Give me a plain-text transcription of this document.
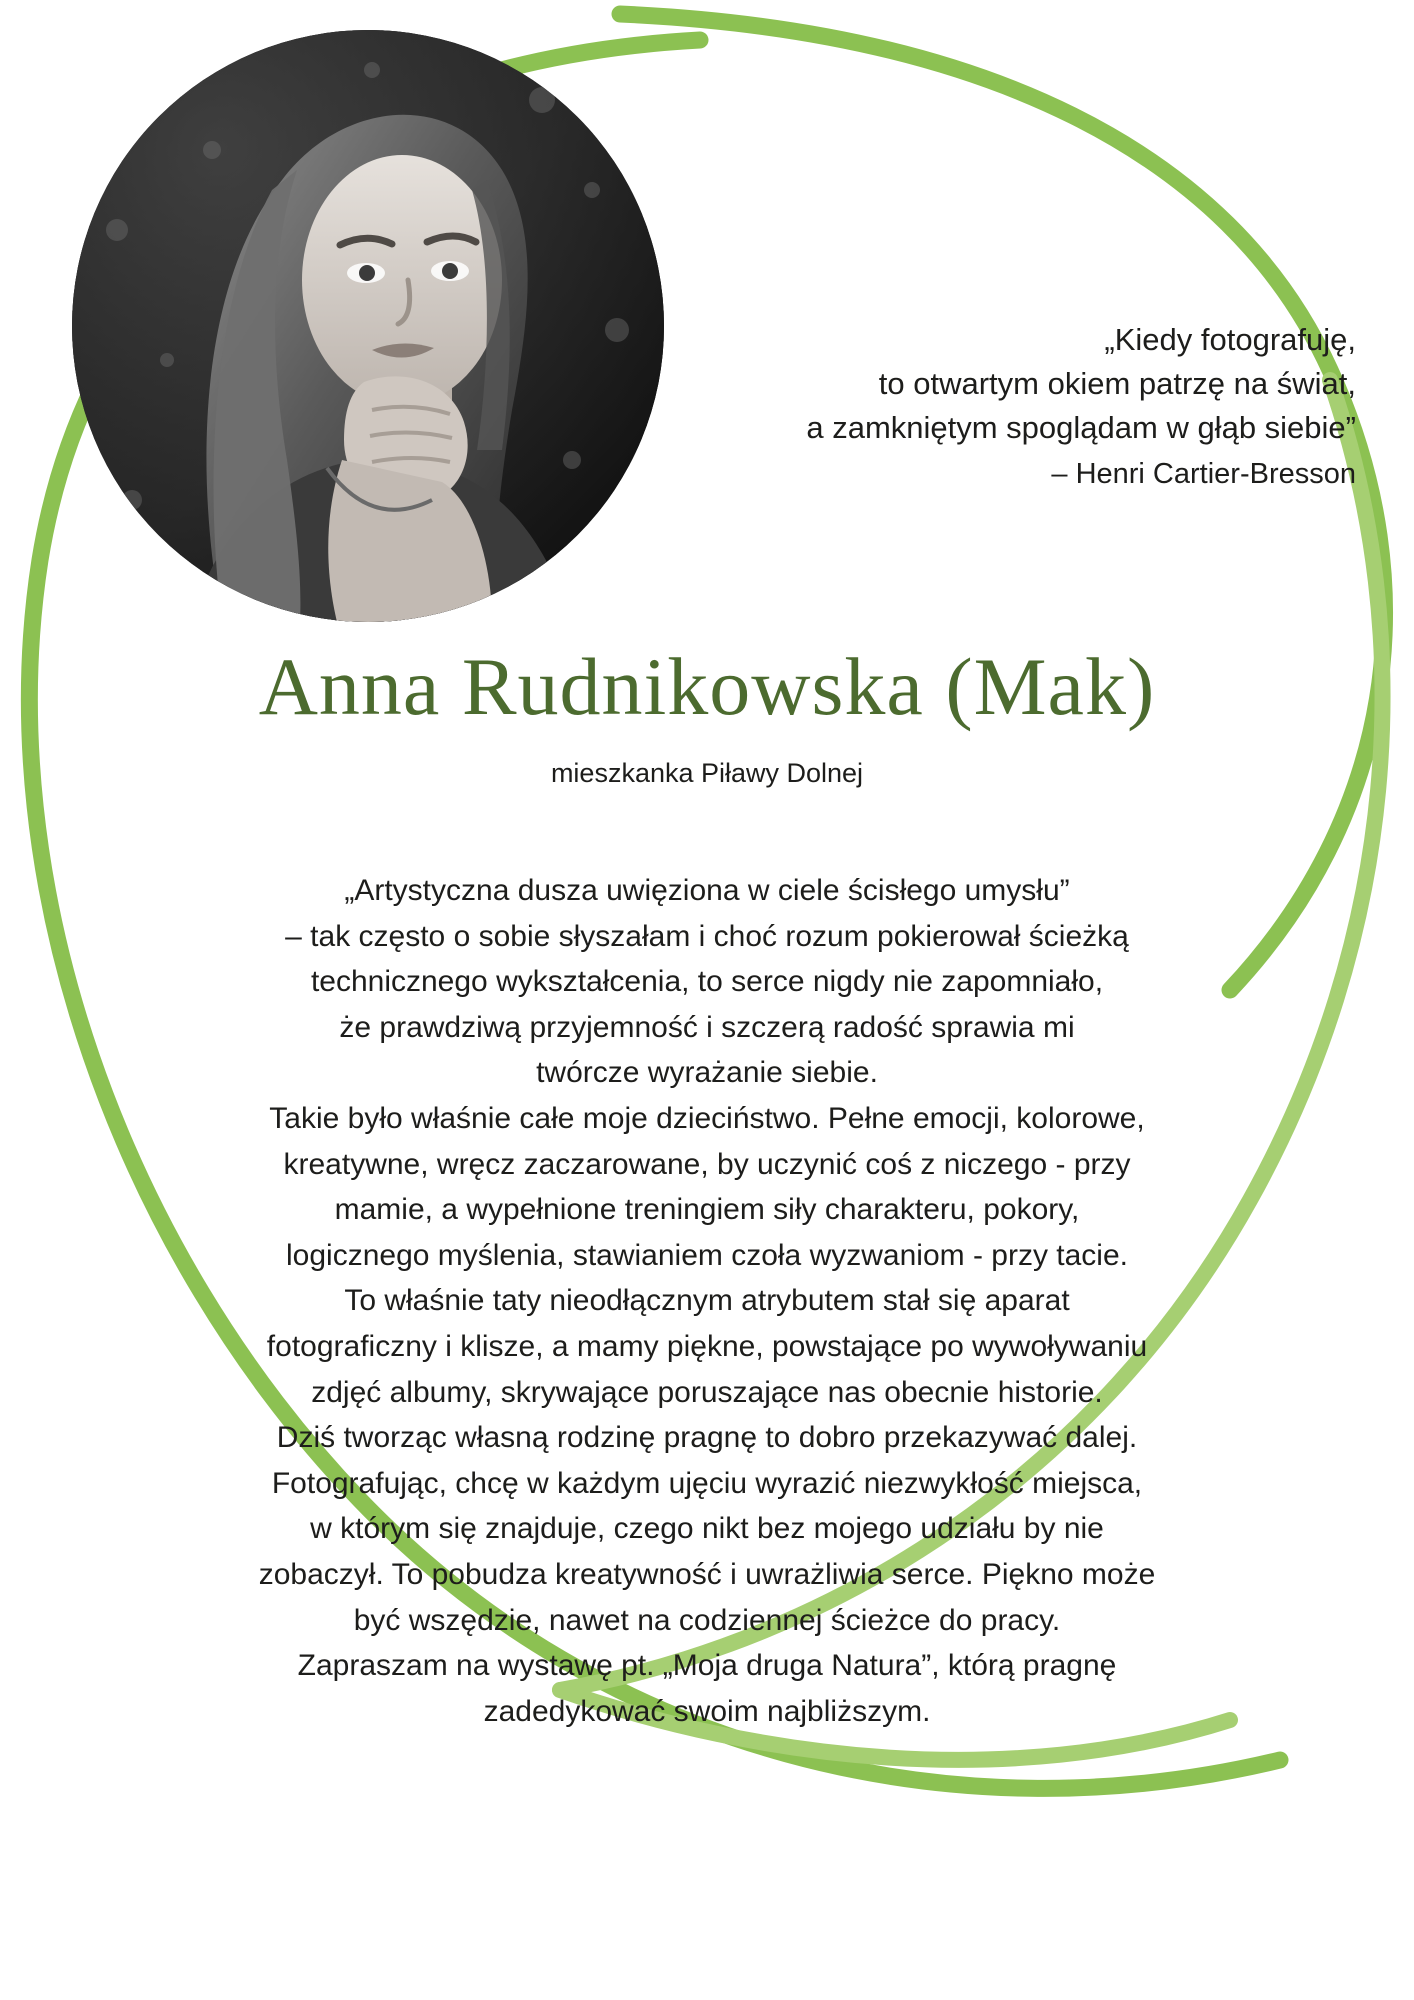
„Kiedy fotografuję,
to otwartym okiem patrzę na świat,
a zamkniętym spoglądam w głąb siebie”
– Henri Cartier-Bresson
Anna Rudnikowska (Mak)
mieszkanka Piławy Dolnej

„Artystyczna dusza uwięziona w ciele ścisłego umysłu”

– tak często o sobie słyszałam i choć rozum pokierował ścieżką

technicznego wykształcenia, to serce nigdy nie zapomniało,

że prawdziwą przyjemność i szczerą radość sprawia mi

twórcze wyrażanie siebie.

Takie było właśnie całe moje dzieciństwo. Pełne emocji, kolorowe,

kreatywne, wręcz zaczarowane, by uczynić coś z niczego - przy

mamie, a wypełnione treningiem siły charakteru, pokory,

logicznego myślenia, stawianiem czoła wyzwaniom - przy tacie.

To właśnie taty nieodłącznym atrybutem stał się aparat

fotograficzny i klisze, a mamy piękne, powstające po wywoływaniu

zdjęć albumy, skrywające poruszające nas obecnie historie.

Dziś tworząc własną rodzinę pragnę to dobro przekazywać dalej.

Fotografując, chcę w każdym ujęciu wyrazić niezwykłość miejsca,

w którym się znajduje, czego nikt bez mojego udziału by nie

zobaczył. To pobudza kreatywność i uwrażliwia serce. Piękno może

być wszędzie, nawet na codziennej ścieżce do pracy.

Zapraszam na wystawę pt. „Moja druga Natura”, którą pragnę

zadedykować swoim najbliższym.
